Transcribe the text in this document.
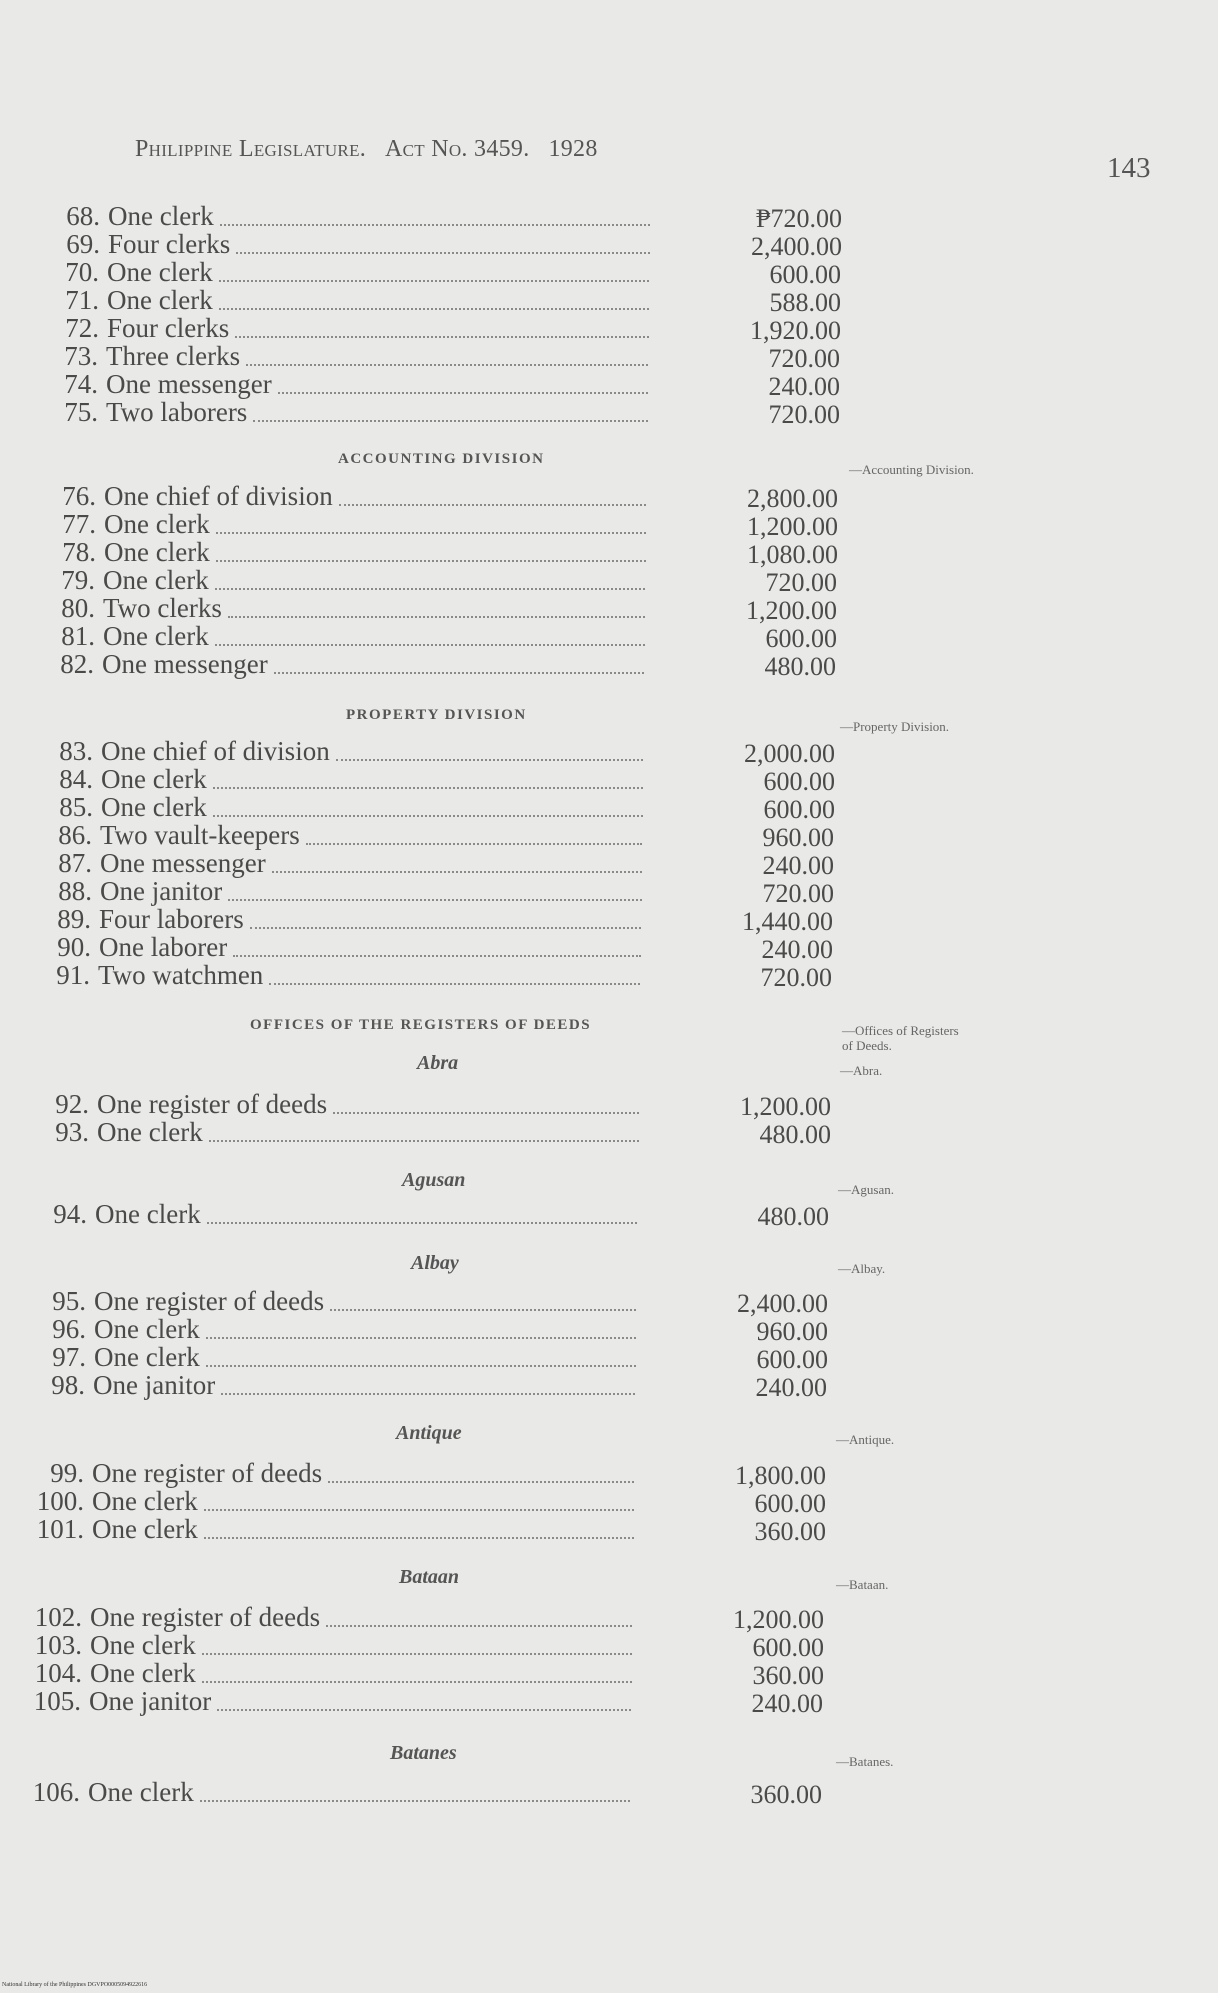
Philippine Legislature. Act No. 3459. 1928
143
68. One clerk	₱720.00
69. Four clerks	2,400.00
70. One clerk	600.00
71. One clerk	588.00
72. Four clerks	1,920.00
73. Three clerks	720.00
74. One messenger	240.00
75. Two laborers	720.00
76. One chief of division	2,800.00
77. One clerk	1,200.00
78. One clerk	1,080.00
79. One clerk	720.00
80. Two clerks	1,200.00
81. One clerk	600.00
82. One messenger	480.00
83. One chief of division	2,000.00
84. One clerk	600.00
85. One clerk	600.00
86. Two vault-keepers	960.00
87. One messenger	240.00
88. One janitor	720.00
89. Four laborers	1,440.00
90. One laborer	240.00
91. Two watchmen	720.00
92. One register of deeds	1,200.00
93. One clerk	480.00
94. One clerk	480.00
95. One register of deeds	2,400.00
96. One clerk	960.00
97. One clerk	600.00
98. One janitor	240.00
99. One register of deeds	1,800.00
100. One clerk	600.00
101. One clerk	360.00
102. One register of deeds	1,200.00
103. One clerk	600.00
104. One clerk	360.00
105. One janitor	240.00
106. One clerk	360.00
ACCOUNTING DIVISION
PROPERTY DIVISION
OFFICES OF THE REGISTERS OF DEEDS
Abra
Agusan
Albay
Antique
Bataan
Batanes
—Accounting Division.
—Property Division.
—Offices of Registers
of Deeds.
—Abra.
—Agusan.
—Albay.
—Antique.
—Bataan.
—Batanes.
National Library of the Philippines DGVPO0005094922616
